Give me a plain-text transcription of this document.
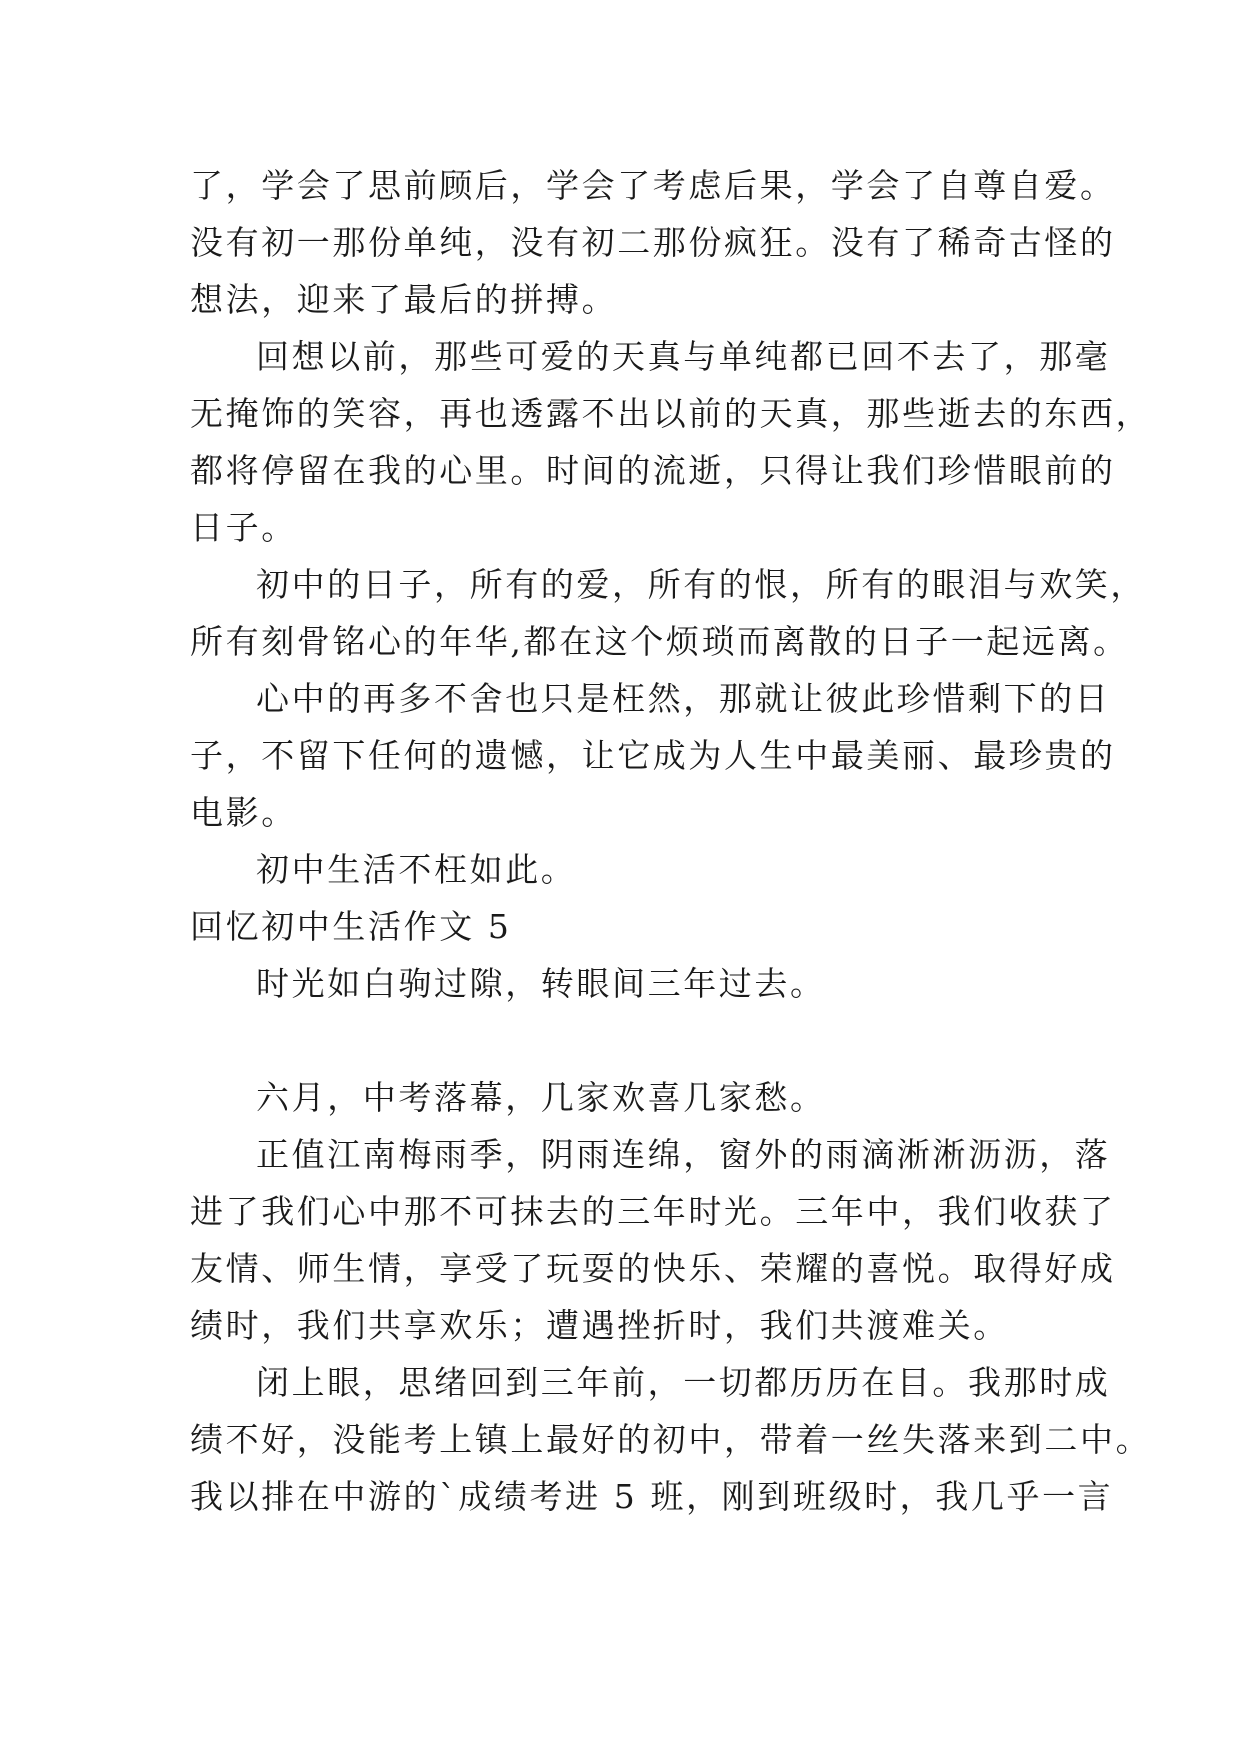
了，学会了思前顾后，学会了考虑后果，学会了自尊自爱。
没有初一那份单纯，没有初二那份疯狂。没有了稀奇古怪的
想法，迎来了最后的拼搏。
回想以前，那些可爱的天真与单纯都已回不去了，那毫
无掩饰的笑容，再也透露不出以前的天真，那些逝去的东西，
都将停留在我的心里。时间的流逝，只得让我们珍惜眼前的
日子。
初中的日子，所有的爱，所有的恨，所有的眼泪与欢笑，
所有刻骨铭心的年华,都在这个烦琐而离散的日子一起远离。
心中的再多不舍也只是枉然，那就让彼此珍惜剩下的日
子，不留下任何的遗憾，让它成为人生中最美丽、最珍贵的
电影。
初中生活不枉如此。
回忆初中生活作文 5
时光如白驹过隙，转眼间三年过去。
六月，中考落幕，几家欢喜几家愁。
正值江南梅雨季，阴雨连绵，窗外的雨滴淅淅沥沥，落
进了我们心中那不可抹去的三年时光。三年中，我们收获了
友情、师生情，享受了玩耍的快乐、荣耀的喜悦。取得好成
绩时，我们共享欢乐；遭遇挫折时，我们共渡难关。
闭上眼，思绪回到三年前，一切都历历在目。我那时成
绩不好，没能考上镇上最好的初中，带着一丝失落来到二中。
我以排在中游的`成绩考进 5 班，刚到班级时，我几乎一言
